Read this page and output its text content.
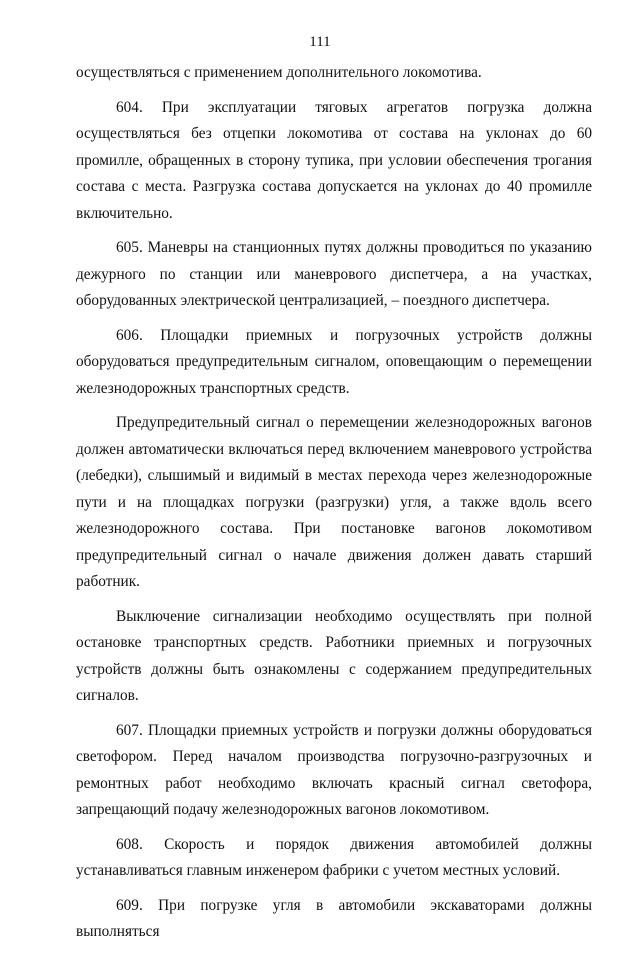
111

осуществляться с применением дополнительного локомотива.

604. При эксплуатации тяговых агрегатов погрузка должна осуществляться без отцепки локомотива от состава на уклонах до 60 промилле, обращенных в сторону тупика, при условии обеспечения трогания состава с места. Разгрузка состава допускается на уклонах до 40 промилле включительно.

605. Маневры на станционных путях должны проводиться по указанию дежурного по станции или маневрового диспетчера, а на участках, оборудованных электрической централизацией, – поездного диспетчера.

606. Площадки приемных и погрузочных устройств должны оборудоваться предупредительным сигналом, оповещающим о перемещении железнодорожных транспортных средств.

Предупредительный сигнал о перемещении железнодорожных вагонов должен автоматически включаться перед включением маневрового устройства (лебедки), слышимый и видимый в местах перехода через железнодорожные пути и на площадках погрузки (разгрузки) угля, а также вдоль всего железнодорожного состава. При постановке вагонов локомотивом предупредительный сигнал о начале движения должен давать старший работник.

Выключение сигнализации необходимо осуществлять при полной остановке транспортных средств. Работники приемных и погрузочных устройств должны быть ознакомлены с содержанием предупредительных сигналов.

607. Площадки приемных устройств и погрузки должны оборудоваться светофором. Перед началом производства погрузочно-разгрузочных и ремонтных работ необходимо включать красный сигнал светофора, запрещающий подачу железнодорожных вагонов локомотивом.

608. Скорость и порядок движения автомобилей должны устанавливаться главным инженером фабрики с учетом местных условий.

609. При погрузке угля в автомобили экскаваторами должны выполняться
